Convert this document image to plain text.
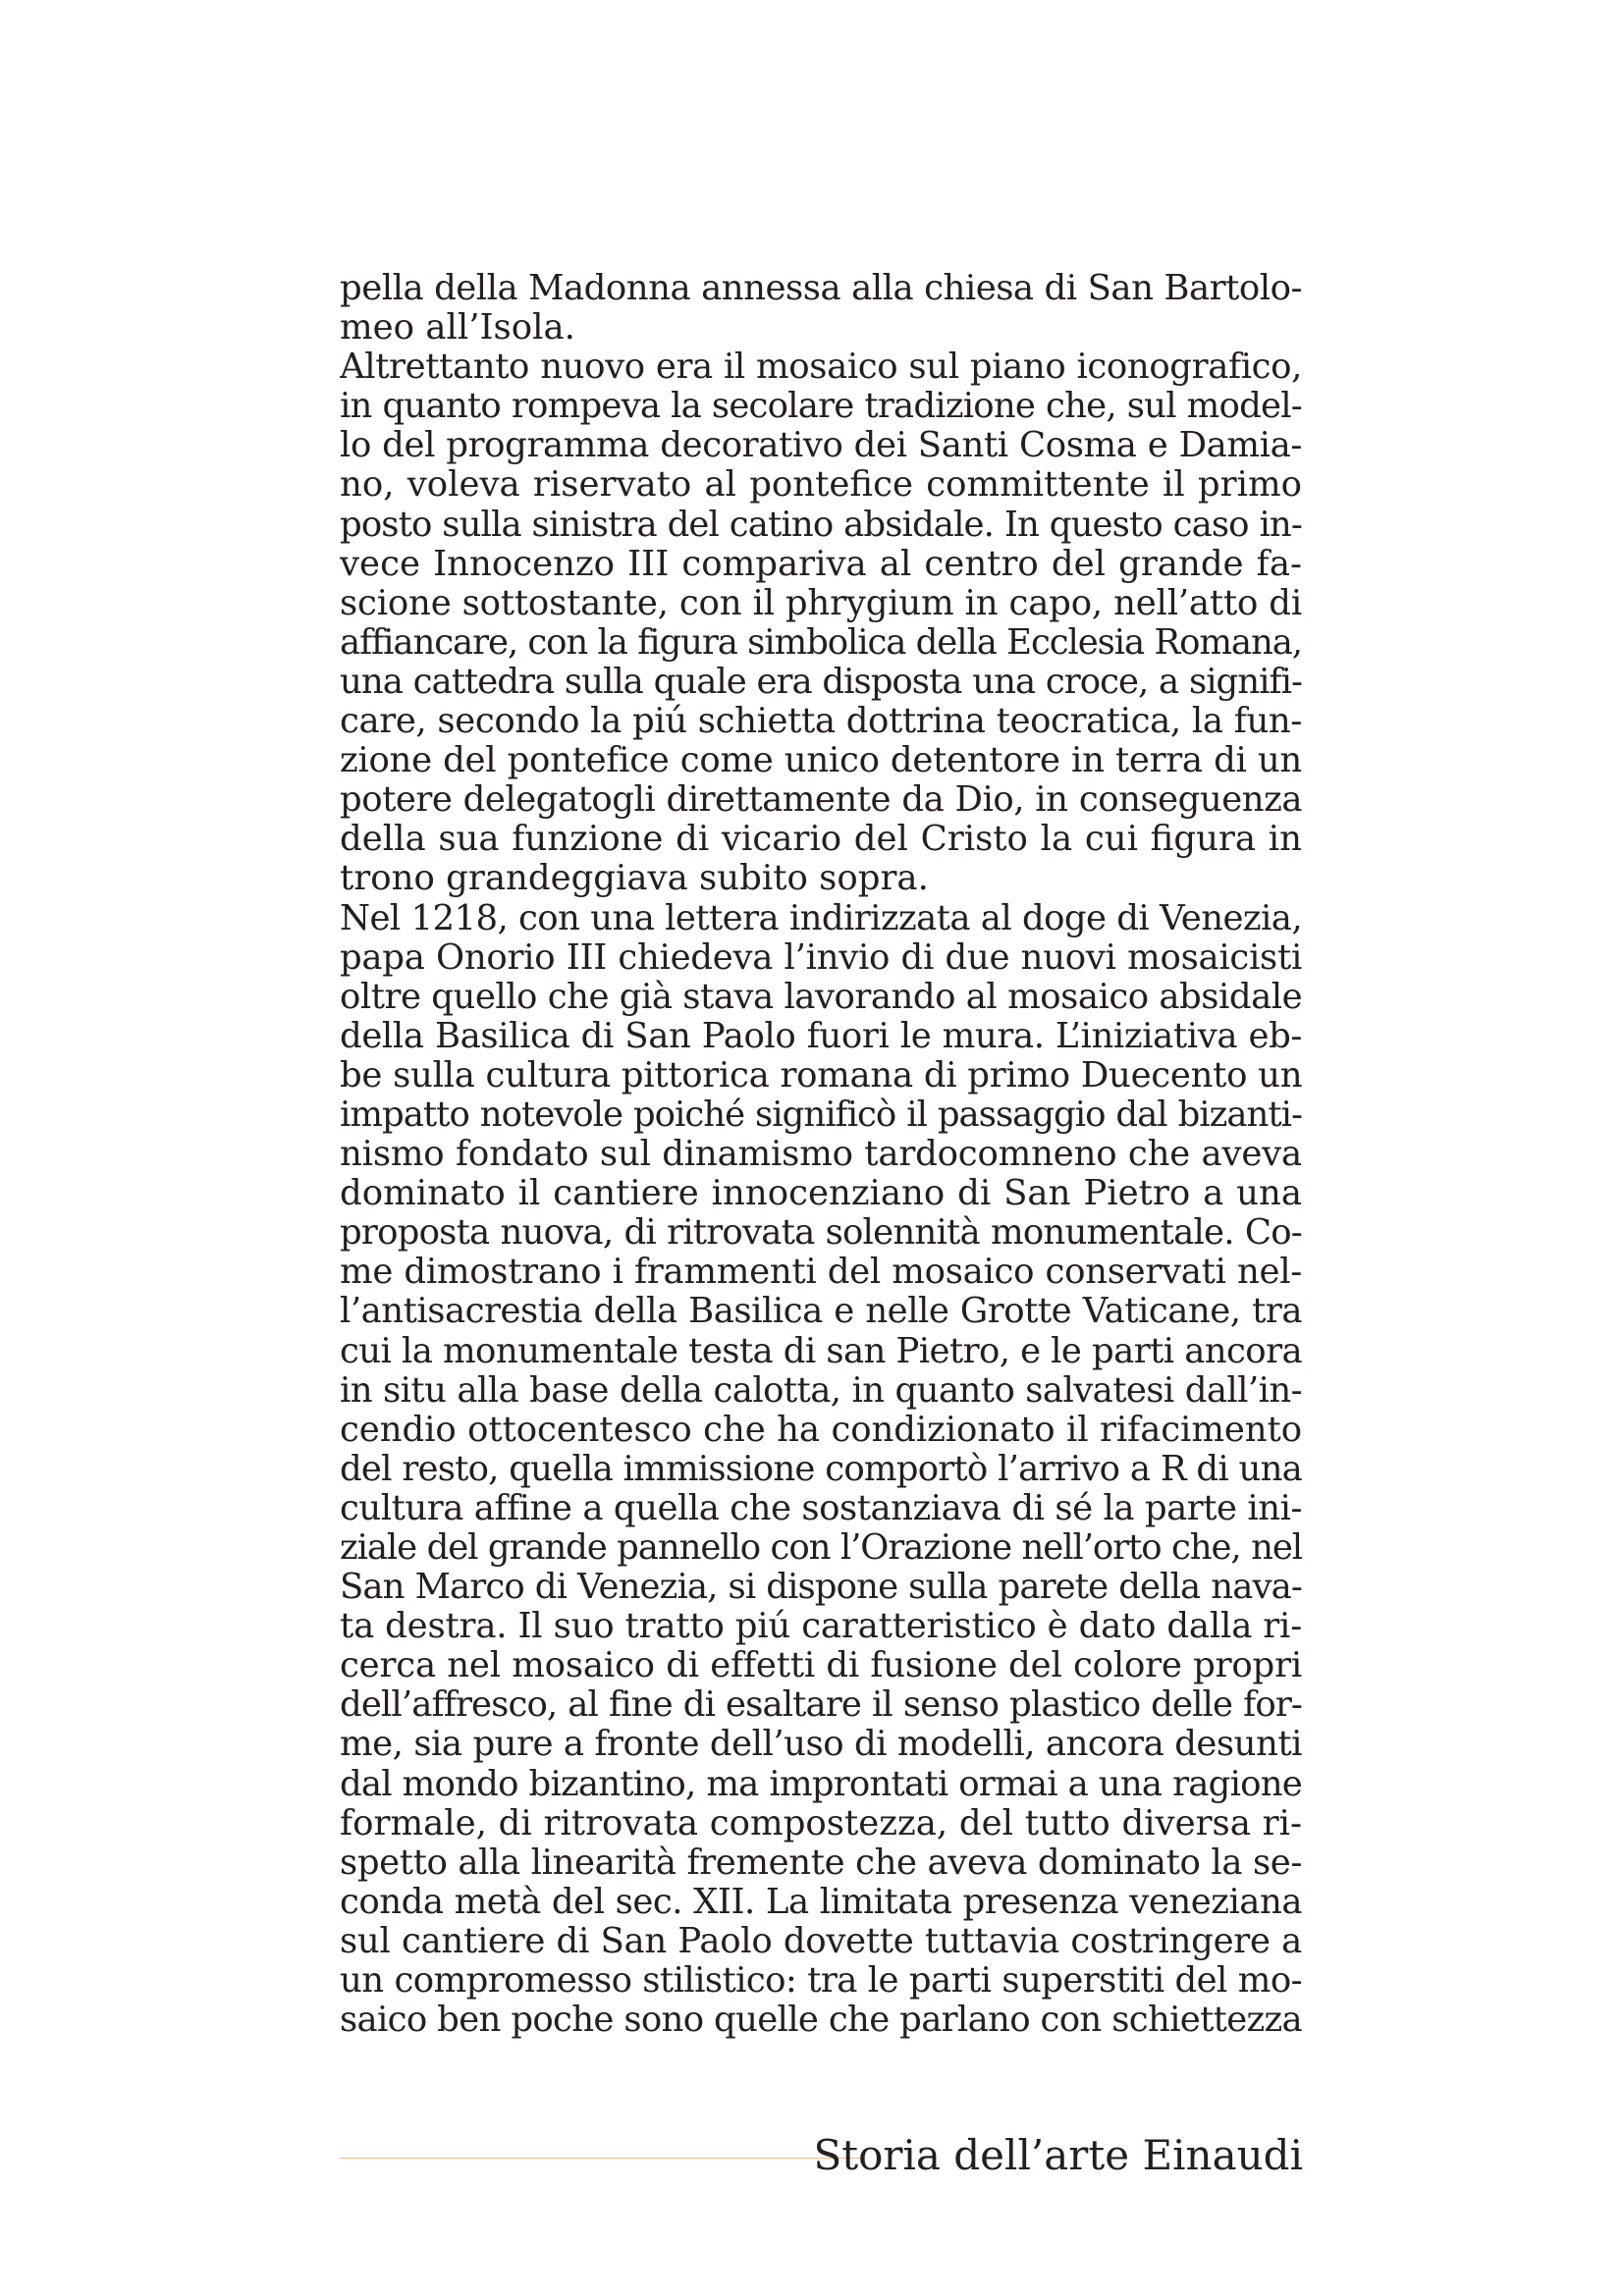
pella della Madonna annessa alla chiesa di San Bartolo-
meo all’Isola.
Altrettanto nuovo era il mosaico sul piano iconografico,
in quanto rompeva la secolare tradizione che, sul model-
lo del programma decorativo dei Santi Cosma e Damia-
no, voleva riservato al pontefice committente il primo
posto sulla sinistra del catino absidale. In questo caso in-
vece Innocenzo III compariva al centro del grande fa-
scione sottostante, con il phrygium in capo, nell’atto di
affiancare, con la figura simbolica della Ecclesia Romana,
una cattedra sulla quale era disposta una croce, a signifi-
care, secondo la piú schietta dottrina teocratica, la fun-
zione del pontefice come unico detentore in terra di un
potere delegatogli direttamente da Dio, in conseguenza
della sua funzione di vicario del Cristo la cui figura in
trono grandeggiava subito sopra.
Nel 1218, con una lettera indirizzata al doge di Venezia,
papa Onorio III chiedeva l’invio di due nuovi mosaicisti
oltre quello che già stava lavorando al mosaico absidale
della Basilica di San Paolo fuori le mura. L’iniziativa eb-
be sulla cultura pittorica romana di primo Duecento un
impatto notevole poiché significò il passaggio dal bizanti-
nismo fondato sul dinamismo tardocomneno che aveva
dominato il cantiere innocenziano di San Pietro a una
proposta nuova, di ritrovata solennità monumentale. Co-
me dimostrano i frammenti del mosaico conservati nel-
l’antisacrestia della Basilica e nelle Grotte Vaticane, tra
cui la monumentale testa di san Pietro, e le parti ancora
in situ alla base della calotta, in quanto salvatesi dall’in-
cendio ottocentesco che ha condizionato il rifacimento
del resto, quella immissione comportò l’arrivo a R di una
cultura affine a quella che sostanziava di sé la parte ini-
ziale del grande pannello con l’Orazione nell’orto che, nel
San Marco di Venezia, si dispone sulla parete della nava-
ta destra. Il suo tratto piú caratteristico è dato dalla ri-
cerca nel mosaico di effetti di fusione del colore propri
dell’affresco, al fine di esaltare il senso plastico delle for-
me, sia pure a fronte dell’uso di modelli, ancora desunti
dal mondo bizantino, ma improntati ormai a una ragione
formale, di ritrovata compostezza, del tutto diversa ri-
spetto alla linearità fremente che aveva dominato la se-
conda metà del sec. XII. La limitata presenza veneziana
sul cantiere di San Paolo dovette tuttavia costringere a
un compromesso stilistico: tra le parti superstiti del mo-
saico ben poche sono quelle che parlano con schiettezza
Storia dell’arte Einaudi
